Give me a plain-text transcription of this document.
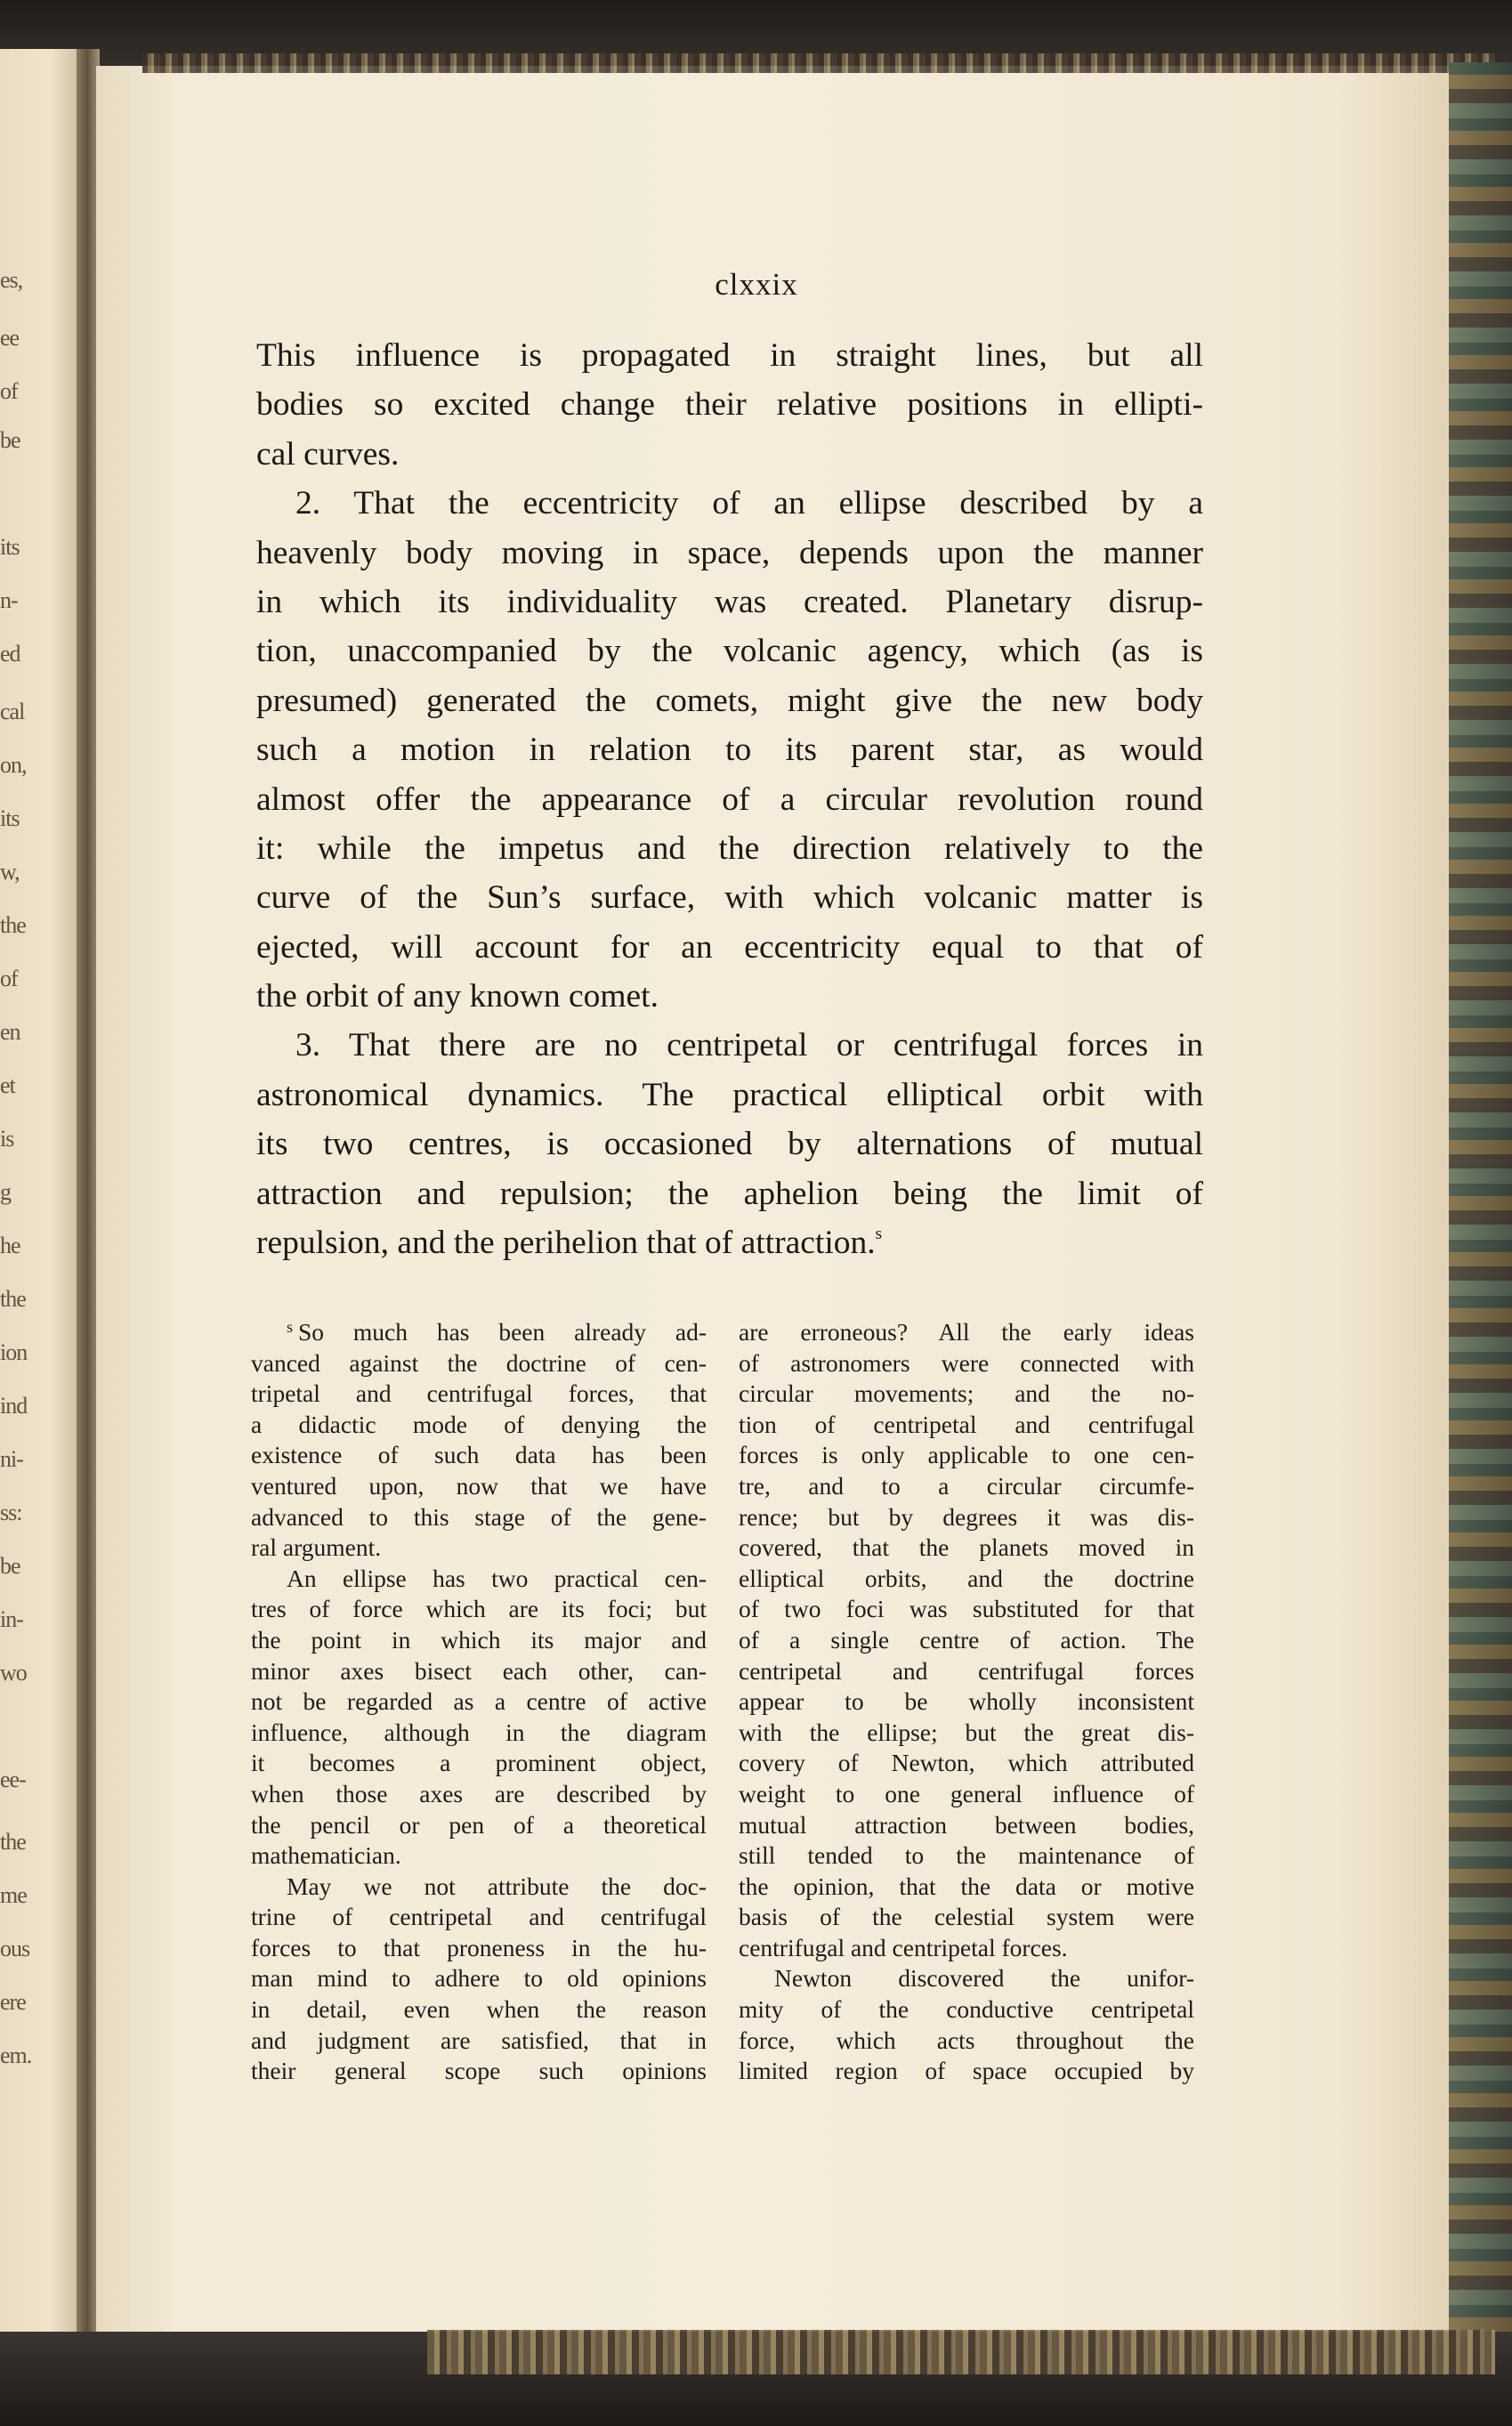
es,
ee
of
be
its
n-
ed
cal
on,
its
w,
the
of
en
et
is
g
he
the
ion
ind
ni-
ss:
be
in-
wo
ee-
the
me
ous
ere
em.
clxxix
This influence is propagated in straight lines, but all
bodies so excited change their relative positions in ellipti-
cal curves.
2. That the eccentricity of an ellipse described by a
heavenly body moving in space, depends upon the manner
in which its individuality was created. Planetary disrup-
tion, unaccompanied by the volcanic agency, which (as is
presumed) generated the comets, might give the new body
such a motion in relation to its parent star, as would
almost offer the appearance of a circular revolution round
it: while the impetus and the direction relatively to the
curve of the Sun’s surface, with which volcanic matter is
ejected, will account for an eccentricity equal to that of
the orbit of any known comet.
3. That there are no centripetal or centrifugal forces in
astronomical dynamics. The practical elliptical orbit with
its two centres, is occasioned by alternations of mutual
attraction and repulsion; the aphelion being the limit of
repulsion, and the perihelion that of attraction.$^s$
$^s$ So much has been already ad-
vanced against the doctrine of cen-
tripetal and centrifugal forces, that
a didactic mode of denying the
existence of such data has been
ventured upon, now that we have
advanced to this stage of the gene-
ral argument.
An ellipse has two practical cen-
tres of force which are its foci; but
the point in which its major and
minor axes bisect each other, can-
not be regarded as a centre of active
influence, although in the diagram
it becomes a prominent object,
when those axes are described by
the pencil or pen of a theoretical
mathematician.
May we not attribute the doc-
trine of centripetal and centrifugal
forces to that proneness in the hu-
man mind to adhere to old opinions
in detail, even when the reason
and judgment are satisfied, that in
their general scope such opinions
are erroneous? All the early ideas
of astronomers were connected with
circular movements; and the no-
tion of centripetal and centrifugal
forces is only applicable to one cen-
tre, and to a circular circumfe-
rence; but by degrees it was dis-
covered, that the planets moved in
elliptical orbits, and the doctrine
of two foci was substituted for that
of a single centre of action. The
centripetal and centrifugal forces
appear to be wholly inconsistent
with the ellipse; but the great dis-
covery of Newton, which attributed
weight to one general influence of
mutual attraction between bodies,
still tended to the maintenance of
the opinion, that the data or motive
basis of the celestial system were
centrifugal and centripetal forces.
Newton discovered the unifor-
mity of the conductive centripetal
force, which acts throughout the
limited region of space occupied by
